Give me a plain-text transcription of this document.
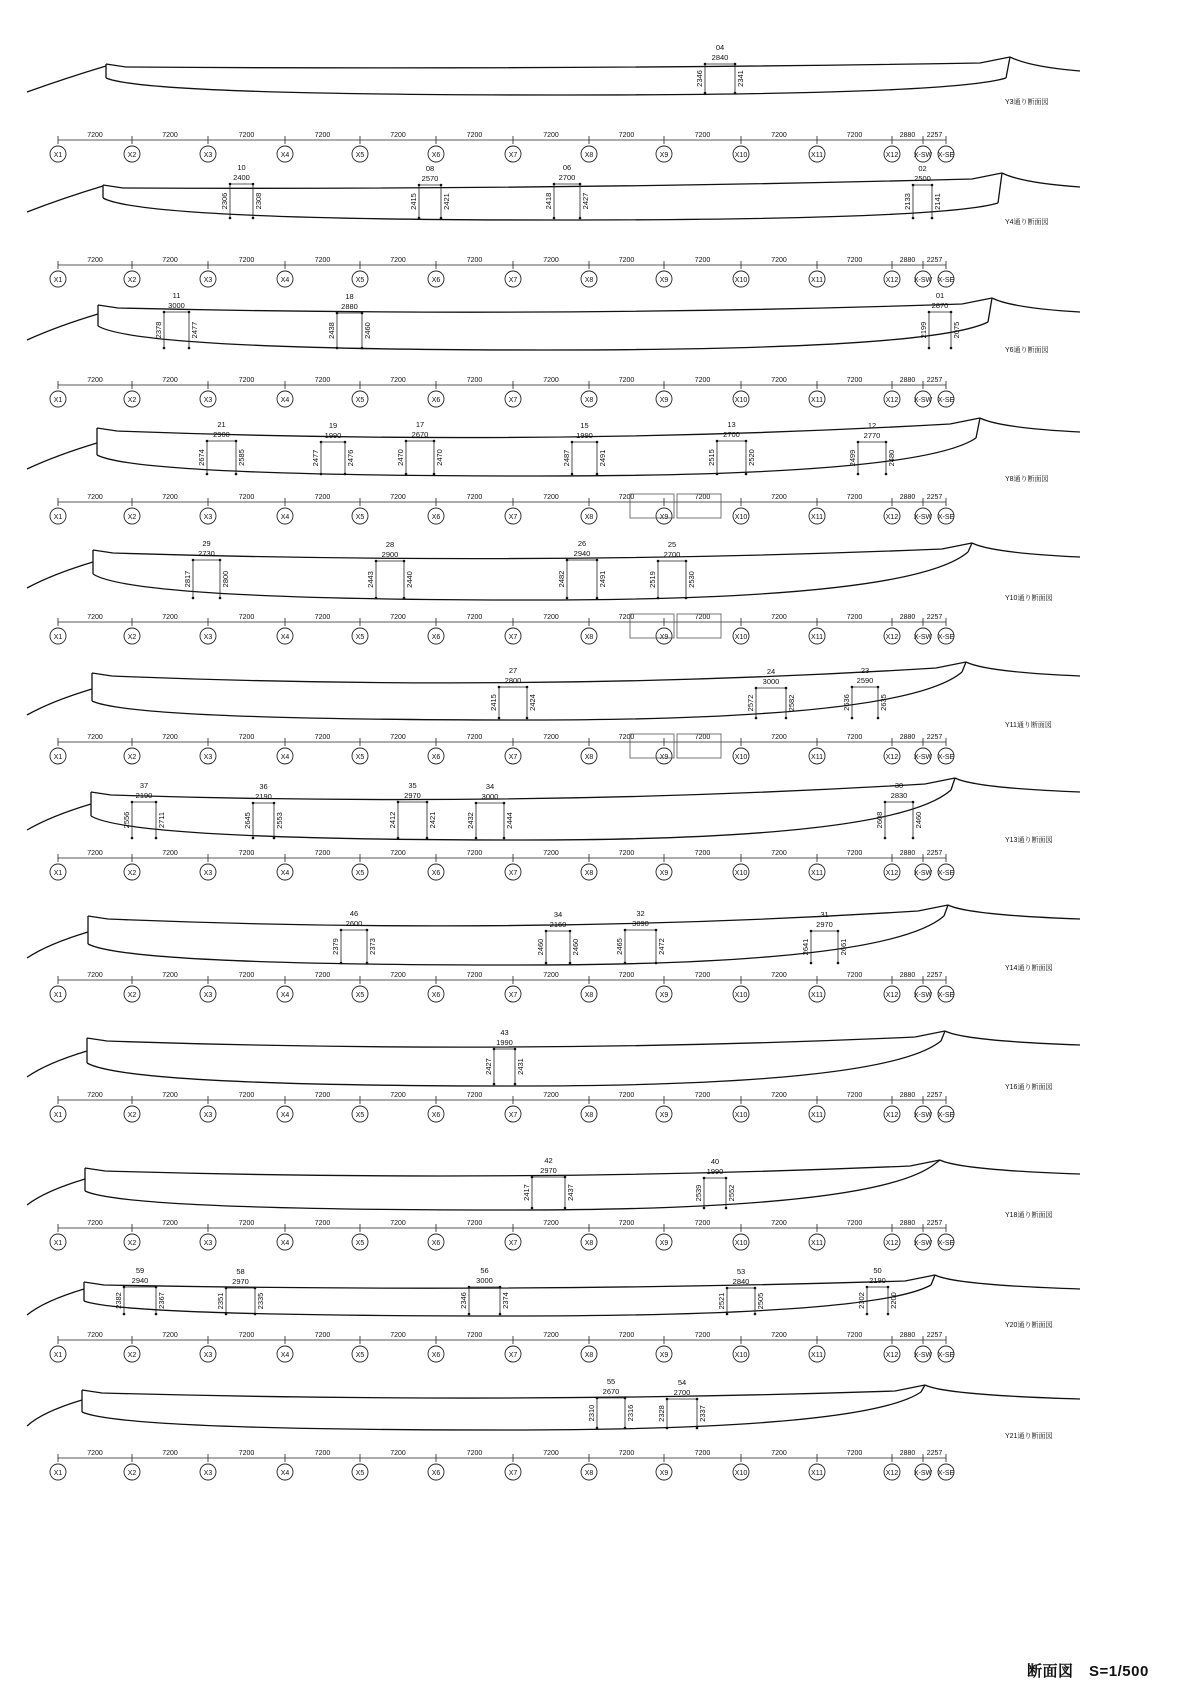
Y3通り断面図
04
2840
2346	2341
X1
7200
X2
7200
X3
7200
X4
7200
X5
7200
X6
7200
X7
7200
X8
7200
X9
7200
X10
7200
X11
7200
X12
2880
X-SW
2257
X-SE
Y4通り断面図
10
2400
2306	2308
08
2570
2415	2421
06
2700
2418	2427
02
2500
2133	2141
X1
7200
X2
7200
X3
7200
X4
7200
X5
7200
X6
7200
X7
7200
X8
7200
X9
7200
X10
7200
X11
7200
X12
2880
X-SW
2257
X-SE
Y6通り断面図
11
3000
2378	2477
18
2880
2438	2460
01
2870
2199	2075
X1
7200
X2
7200
X3
7200
X4
7200
X5
7200
X6
7200
X7
7200
X8
7200
X9
7200
X10
7200
X11
7200
X12
2880
X-SW
2257
X-SE
Y8通り断面図
21
2900
2674	2585
19
1990
2477	2476
17
2670
2470	2470
15
1990
2487	2491
13
2700
2515	2520
12
2770
2499	2480
X1
7200
X2
7200
X3
7200
X4
7200
X5
7200
X6
7200
X7
7200
X8
7200
X9
7200
X10
7200
X11
7200
X12
2880
X-SW
2257
X-SE
Y10通り断面図
29
2730
2817	2800
28
2900
2443	2440
26
2940
2482	2491
25
2700
2519	2530
X1
7200
X2
7200
X3
7200
X4
7200
X5
7200
X6
7200
X7
7200
X8
7200
X9
7200
X10
7200
X11
7200
X12
2880
X-SW
2257
X-SE
Y11通り断面図
27
2800
2415	2424
24
3000
2572	2582
23
2590
2636	2635
X1
7200
X2
7200
X3
7200
X4
7200
X5
7200
X6
7200
X7
7200
X8
7200
X9
7200
X10
7200
X11
7200
X12
2880
X-SW
2257
X-SE
Y13通り断面図
37
2190
2556	2711
36
2190
2645	2553
35
2970
2412	2421
34
3000
2432	2444
30
2830
2608	2460
X1
7200
X2
7200
X3
7200
X4
7200
X5
7200
X6
7200
X7
7200
X8
7200
X9
7200
X10
7200
X11
7200
X12
2880
X-SW
2257
X-SE
Y14通り断面図
46
2600
2379	2373
34
2160
2460	2460
32
3090
2465	2472
31
2970
2641	2661
X1
7200
X2
7200
X3
7200
X4
7200
X5
7200
X6
7200
X7
7200
X8
7200
X9
7200
X10
7200
X11
7200
X12
2880
X-SW
2257
X-SE
Y16通り断面図
43
1990
2427	2431
X1
7200
X2
7200
X3
7200
X4
7200
X5
7200
X6
7200
X7
7200
X8
7200
X9
7200
X10
7200
X11
7200
X12
2880
X-SW
2257
X-SE
Y18通り断面図
42
2970
2417	2437
40
1990
2539	2552
X1
7200
X2
7200
X3
7200
X4
7200
X5
7200
X6
7200
X7
7200
X8
7200
X9
7200
X10
7200
X11
7200
X12
2880
X-SW
2257
X-SE
Y20通り断面図
59
2940
2382	2367
58
2970
2351	2335
56
3000
2346	2374
53
2840
2521	2505
50
2190
2302	2200
X1
7200
X2
7200
X3
7200
X4
7200
X5
7200
X6
7200
X7
7200
X8
7200
X9
7200
X10
7200
X11
7200
X12
2880
X-SW
2257
X-SE
Y21通り断面図
55
2670
2310	2316
54
2700
2328	2337
X1
7200
X2
7200
X3
7200
X4
7200
X5
7200
X6
7200
X7
7200
X8
7200
X9
7200
X10
7200
X11
7200
X12
2880
X-SW
2257
X-SE
断面図　S=1/500
